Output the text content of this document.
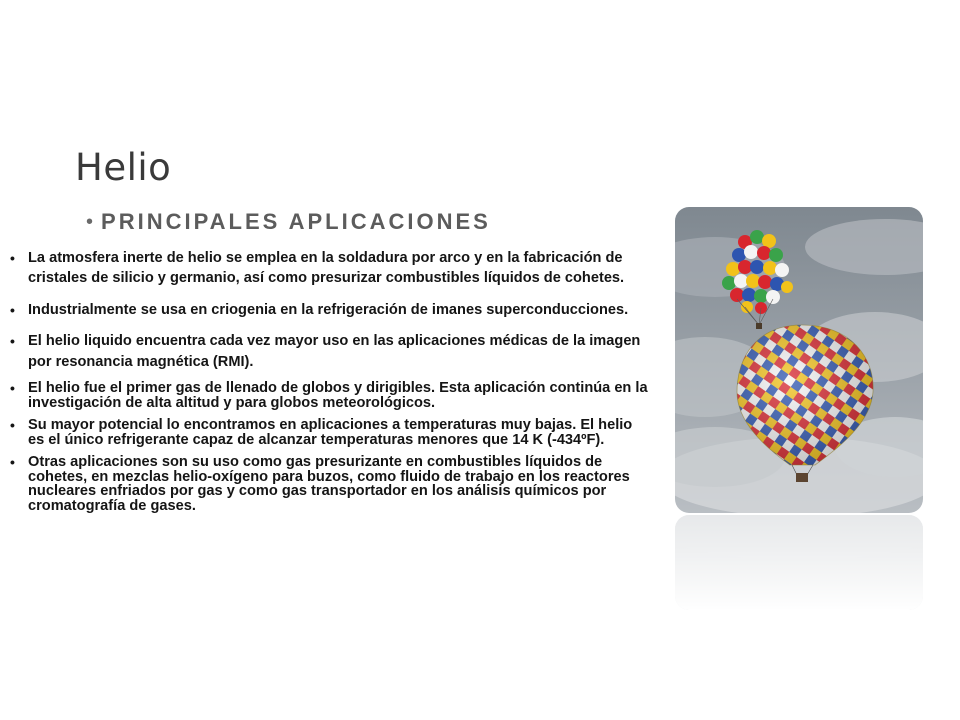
Helio
• PRINCIPALES APLICACIONES
• La atmosfera inerte de helio se emplea en la soldadura por arco y en la fabricación de cristales de silicio y germanio, así como presurizar combustibles líquidos de cohetes.
• Industrialmente se usa en criogenia en la refrigeración de imanes superconducciones.
• El helio liquido encuentra cada vez mayor uso en las aplicaciones médicas de la imagen por resonancia magnética (RMI).
• El helio fue el primer gas de llenado de globos y dirigibles. Esta aplicación continúa en la investigación de alta altitud y para globos meteorológicos.
• Su mayor potencial lo encontramos en aplicaciones a temperaturas muy bajas. El helio es el único refrigerante capaz de alcanzar temperaturas menores que 14 K (-434ºF).
• Otras aplicaciones son su uso como gas presurizante en combustibles líquidos de cohetes, en mezclas helio-oxígeno para buzos, como fluido de trabajo en los reactores nucleares enfriados por gas y como gas transportador en los análisis químicos por cromatografía de gases.
